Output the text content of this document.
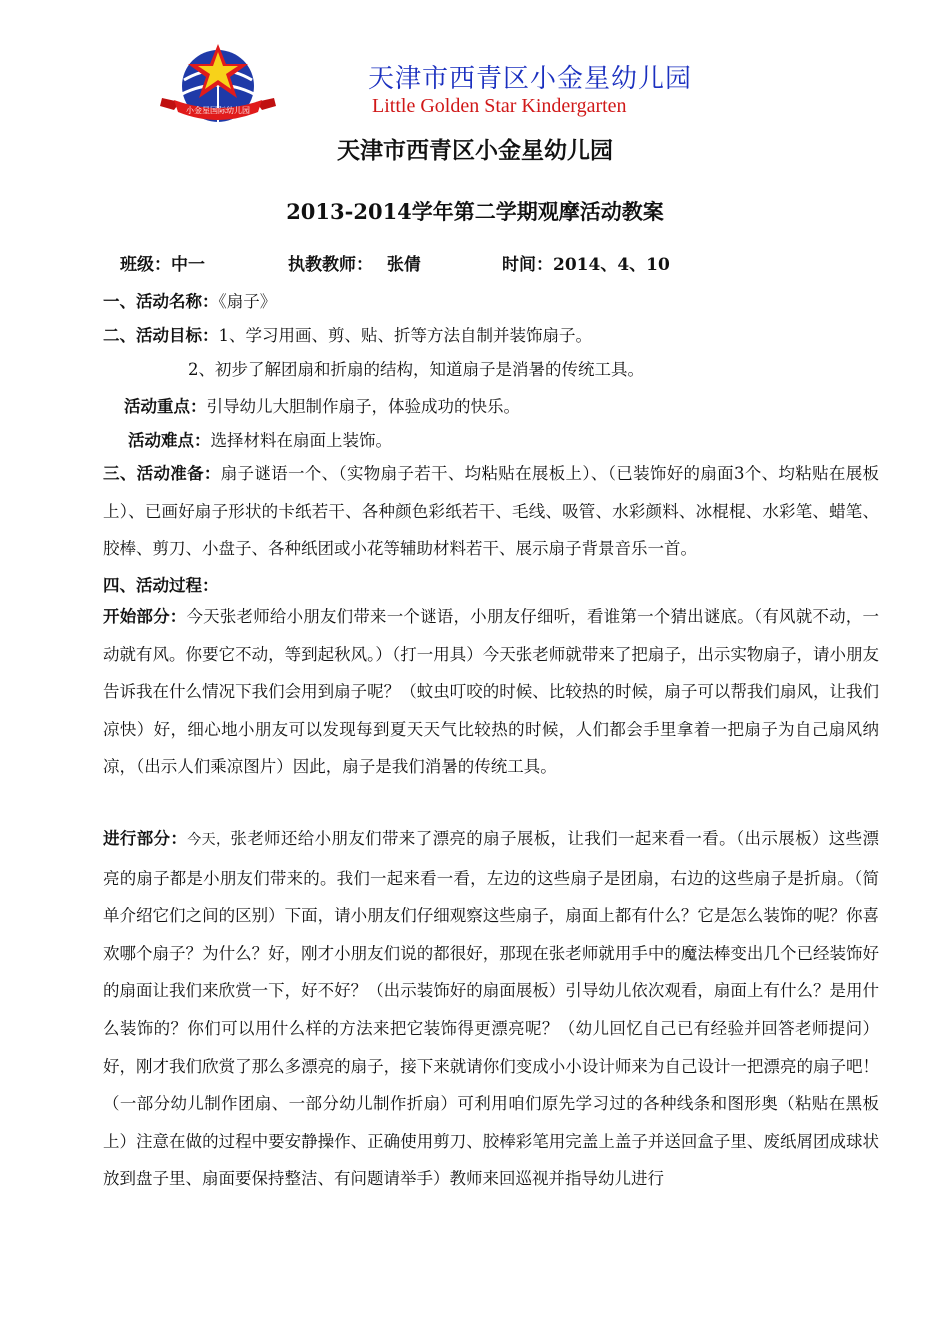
小金星国际幼儿园
天津市西青区小金星幼儿园
Little Golden Star Kindergarten
天津市西青区小金星幼儿园
2013-2014学年第二学期观摩活动教案
班级：中一	执教教师： 张倩	时间：2014、4、10
一、活动名称：《扇子》
二、活动目标：1、学习用画、剪、贴、折等方法自制并装饰扇子。
2、初步了解团扇和折扇的结构，知道扇子是消暑的传统工具。
活动重点：引导幼儿大胆制作扇子，体验成功的快乐。
活动难点：选择材料在扇面上装饰。

三、活动准备：扇子谜语一个、（实物扇子若干、均粘贴在展板上）、（已装饰好的扇面3个、均粘贴在展板上）、已画好扇子形状的卡纸若干、各种颜色彩纸若干、毛线、吸管、水彩颜料、冰棍棍、水彩笔、蜡笔、胶棒、剪刀、小盘子、各种纸团或小花等辅助材料若干、展示扇子背景音乐一首。

四、活动过程：

开始部分：今天张老师给小朋友们带来一个谜语，小朋友仔细听，看谁第一个猜出谜底。（有风就不动，一动就有风。你要它不动，等到起秋风。）（打一用具）今天张老师就带来了把扇子，出示实物扇子，请小朋友告诉我在什么情况下我们会用到扇子呢？（蚊虫叮咬的时候、比较热的时候，扇子可以帮我们扇风，让我们凉快）好，细心地小朋友可以发现每到夏天天气比较热的时候，人们都会手里拿着一把扇子为自己扇风纳凉，（出示人们乘凉图片）因此，扇子是我们消暑的传统工具。

进行部分：今天，张老师还给小朋友们带来了漂亮的扇子展板，让我们一起来看一看。（出示展板）这些漂亮的扇子都是小朋友们带来的。我们一起来看一看，左边的这些扇子是团扇，右边的这些扇子是折扇。（简单介绍它们之间的区别）下面，请小朋友们仔细观察这些扇子，扇面上都有什么？它是怎么装饰的呢？你喜欢哪个扇子？为什么？好，刚才小朋友们说的都很好，那现在张老师就用手中的魔法棒变出几个已经装饰好的扇面让我们来欣赏一下，好不好？（出示装饰好的扇面展板）引导幼儿依次观看，扇面上有什么？是用什么装饰的？你们可以用什么样的方法来把它装饰得更漂亮呢？（幼儿回忆自己已有经验并回答老师提问）好，刚才我们欣赏了那么多漂亮的扇子，接下来就请你们变成小小设计师来为自己设计一把漂亮的扇子吧！（一部分幼儿制作团扇、一部分幼儿制作折扇）可利用咱们原先学习过的各种线条和图形奥（粘贴在黑板上）注意在做的过程中要安静操作、正确使用剪刀、胶棒彩笔用完盖上盖子并送回盒子里、废纸屑团成球状放到盘子里、扇面要保持整洁、有问题请举手）教师来回巡视并指导幼儿进行
